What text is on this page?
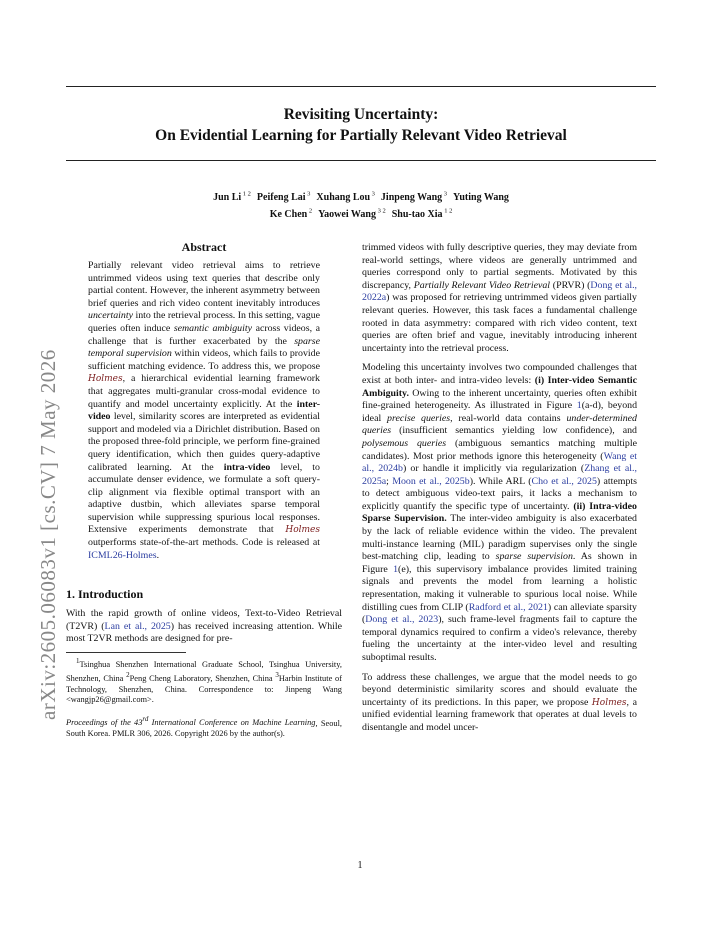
Revisiting Uncertainty:
On Evidential Learning for Partially Relevant Video Retrieval
Jun Li $^{1 2}$ Peifeng Lai $^3$ Xuhang Lou $^3$ Jinpeng Wang $^3$ Yuting Wang
Ke Chen $^2$ Yaowei Wang $^{3 2}$ Shu-tao Xia $^{1 2}$
arXiv:2605.06083v1 [cs.CV] 7 May 2026
Abstract
Partially relevant video retrieval aims to retrieve untrimmed videos using text queries that describe only partial content. However, the inherent asymmetry between brief queries and rich video content inevitably introduces uncertainty into the retrieval process. In this setting, vague queries often induce semantic ambiguity across videos, a challenge that is further exacerbated by the sparse temporal supervision within videos, which fails to provide sufficient matching evidence. To address this, we propose Holmes, a hierarchical evidential learning framework that aggregates multi-granular cross-modal evidence to quantify and model uncertainty explicitly. At the inter-video level, similarity scores are interpreted as evidential support and modeled via a Dirichlet distribution. Based on the proposed three-fold principle, we perform fine-grained query identification, which then guides query-adaptive calibrated learning. At the intra-video level, to accumulate denser evidence, we formulate a soft query-clip alignment via flexible optimal transport with an adaptive dustbin, which alleviates sparse temporal supervision while suppressing spurious local responses. Extensive experiments demonstrate that Holmes outperforms state-of-the-art methods. Code is released at ICML26-Holmes.
1. Introduction

With the rapid growth of online videos, Text-to-Video Retrieval (T2VR) (Lan et al., 2025) has received increasing attention. While most T2VR methods are designed for pre-

$^1$Tsinghua Shenzhen International Graduate School, Tsinghua University, Shenzhen, China $^2$Peng Cheng Laboratory, Shenzhen, China $^3$Harbin Institute of Technology, Shenzhen, China. Correspondence to: Jinpeng Wang <wangjp26@gmail.com>.

Proceedings of the 43rd International Conference on Machine Learning, Seoul, South Korea. PMLR 306, 2026. Copyright 2026 by the author(s).

trimmed videos with fully descriptive queries, they may deviate from real-world settings, where videos are generally untrimmed and queries correspond only to partial segments. Motivated by this discrepancy, Partially Relevant Video Retrieval (PRVR) (Dong et al., 2022a) was proposed for retrieving untrimmed videos given partially relevant queries. However, this task faces a fundamental challenge rooted in data asymmetry: compared with rich video content, text queries are often brief and vague, inevitably introducing inherent uncertainty into the retrieval process.

Modeling this uncertainty involves two compounded challenges that exist at both inter- and intra-video levels: (i) Inter-video Semantic Ambiguity. Owing to the inherent uncertainty, queries often exhibit fine-grained heterogeneity. As illustrated in Figure 1(a-d), beyond ideal precise queries, real-world data contains under-determined queries (insufficient semantics yielding low confidence), and polysemous queries (ambiguous semantics matching multiple candidates). Most prior methods ignore this heterogeneity (Wang et al., 2024b) or handle it implicitly via regularization (Zhang et al., 2025a; Moon et al., 2025b). While ARL (Cho et al., 2025) attempts to detect ambiguous video-text pairs, it lacks a mechanism to explicitly quantify the specific type of uncertainty. (ii) Intra-video Sparse Supervision. The inter-video ambiguity is also exacerbated by the lack of reliable evidence within the video. The prevalent multi-instance learning (MIL) paradigm supervises only the single best-matching clip, leading to sparse supervision. As shown in Figure 1(e), this supervisory imbalance provides limited training signals and prevents the model from learning a holistic representation, making it vulnerable to spurious local noise. While distilling cues from CLIP (Radford et al., 2021) can alleviate sparsity (Dong et al., 2023), such frame-level fragments fail to capture the temporal dynamics required to confirm a video's relevance, thereby fueling the uncertainty at the inter-video level and resulting suboptimal results.

To address these challenges, we argue that the model needs to go beyond deterministic similarity scores and should evaluate the uncertainty of its predictions. In this paper, we propose Holmes, a unified evidential learning framework that operates at dual levels to disentangle and model uncer-

1
